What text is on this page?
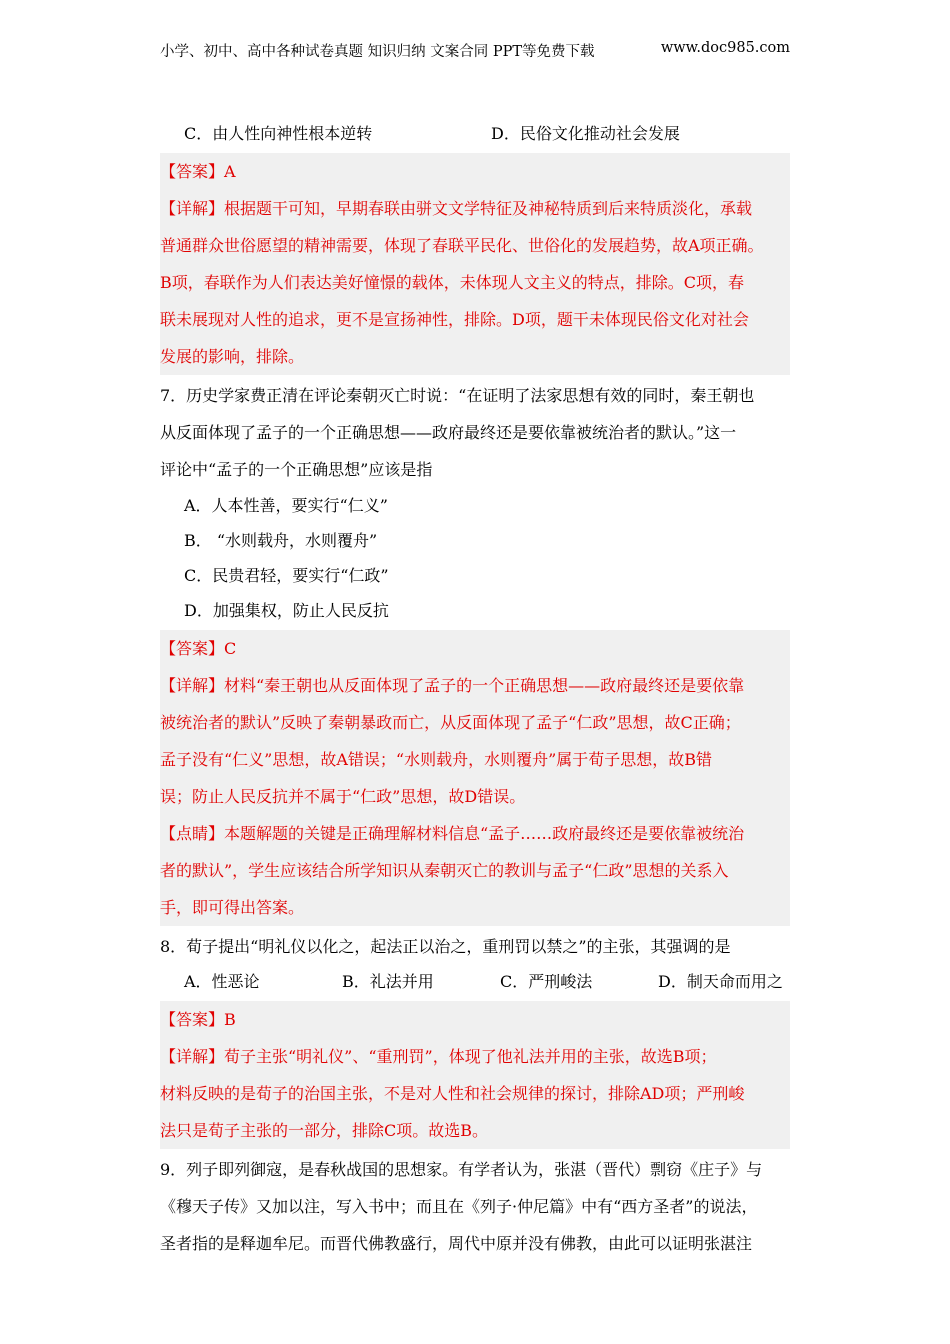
小学、初中、高中各种试卷真题 知识归纳 文案合同 PPT等免费下载	www.doc985.com
C．由人性向神性根本逆转	D．民俗文化推动社会发展
【答案】A
【详解】根据题干可知，早期春联由骈文文学特征及神秘特质到后来特质淡化，承载
普通群众世俗愿望的精神需要，体现了春联平民化、世俗化的发展趋势，故A项正确。
B项，春联作为人们表达美好憧憬的载体，未体现人文主义的特点，排除。C项，春
联未展现对人性的追求，更不是宣扬神性，排除。D项，题干未体现民俗文化对社会
发展的影响，排除。
7．历史学家费正清在评论秦朝灭亡时说：“在证明了法家思想有效的同时，秦王朝也
从反面体现了孟子的一个正确思想——政府最终还是要依靠被统治者的默认。”这一
评论中“孟子的一个正确思想”应该是指
A．人本性善，要实行“仁义”
B． “水则载舟，水则覆舟”
C．民贵君轻，要实行“仁政”
D．加强集权，防止人民反抗
【答案】C
【详解】材料“秦王朝也从反面体现了孟子的一个正确思想——政府最终还是要依靠
被统治者的默认”反映了秦朝暴政而亡，从反面体现了孟子“仁政”思想，故C正确；
孟子没有“仁义”思想，故A错误；“水则载舟，水则覆舟”属于荀子思想，故B错
误；防止人民反抗并不属于“仁政”思想，故D错误。
【点睛】本题解题的关键是正确理解材料信息“孟子……政府最终还是要依靠被统治
者的默认”，学生应该结合所学知识从秦朝灭亡的教训与孟子“仁政”思想的关系入
手，即可得出答案。
8．荀子提出“明礼仪以化之，起法正以治之，重刑罚以禁之”的主张，其强调的是
A．性恶论	B．礼法并用	C．严刑峻法	D．制天命而用之
【答案】B
【详解】荀子主张“明礼仪”、“重刑罚”，体现了他礼法并用的主张，故选B项；
材料反映的是荀子的治国主张，不是对人性和社会规律的探讨，排除AD项；严刑峻
法只是荀子主张的一部分，排除C项。故选B。
9．列子即列御寇，是春秋战国的思想家。有学者认为，张湛（晋代）剽窃《庄子》与
《穆天子传》又加以注，写入书中；而且在《列子·仲尼篇》中有“西方圣者”的说法，
圣者指的是释迦牟尼。而晋代佛教盛行，周代中原并没有佛教，由此可以证明张湛注
